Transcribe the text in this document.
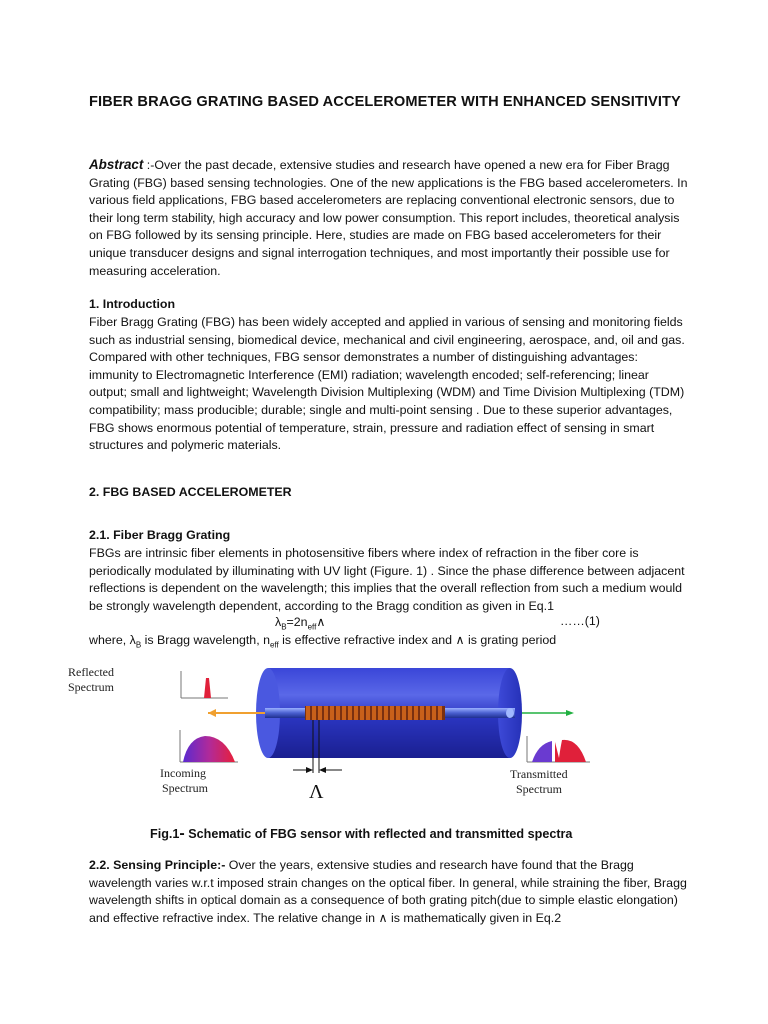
FIBER BRAGG GRATING BASED ACCELEROMETER WITH ENHANCED SENSITIVITY
Abstract :-Over the past decade, extensive studies and research have opened a new era for Fiber Bragg Grating (FBG) based sensing technologies. One of the new applications is the FBG based accelerometers. In various field applications, FBG based accelerometers are replacing conventional electronic sensors, due to their long term stability, high accuracy and low power consumption. This report includes, theoretical analysis on FBG followed by its sensing principle. Here, studies are made on FBG based accelerometers for their unique transducer designs and signal interrogation techniques, and most importantly their possible use for measuring acceleration.
1. Introduction
Fiber Bragg Grating (FBG) has been widely accepted and applied in various of sensing and monitoring fields such as industrial sensing, biomedical device, mechanical and civil engineering, aerospace, and, oil and gas. Compared with other techniques, FBG sensor demonstrates a number of distinguishing advantages: immunity to Electromagnetic Interference (EMI) radiation; wavelength encoded; self-referencing; linear output; small and lightweight; Wavelength Division Multiplexing (WDM) and Time Division Multiplexing (TDM) compatibility; mass producible; durable; single and multi-point sensing . Due to these superior advantages, FBG shows enormous potential of temperature, strain, pressure and radiation effect of sensing in smart structures and polymeric materials.
2. FBG BASED ACCELEROMETER
2.1. Fiber Bragg Grating
FBGs are intrinsic fiber elements in photosensitive fibers where index of refraction in the fiber core is periodically modulated by illuminating with UV light (Figure. 1) . Since the phase difference between adjacent reflections is dependent on the wavelength; this implies that the overall reflection from such a medium would be strongly wavelength dependent, according to the Bragg condition as given in Eq.1
$\lambda_B=2n_{eff}\wedge$	……(1)
where, $\lambda_B$ is Bragg wavelength, $n_{eff}$ is effective refractive index and ∧ is grating period
Reflected
Spectrum
Incoming
Spectrum	Λ
Transmitted
Spectrum
Fig.1- Schematic of FBG sensor with reflected and transmitted spectra
2.2. Sensing Principle:- Over the years, extensive studies and research have found that the Bragg wavelength varies w.r.t imposed strain changes on the optical fiber. In general, while straining the fiber, Bragg wavelength shifts in optical domain as a consequence of both grating pitch(due to simple elastic elongation) and effective refractive index. The relative change in ∧ is mathematically given in Eq.2
